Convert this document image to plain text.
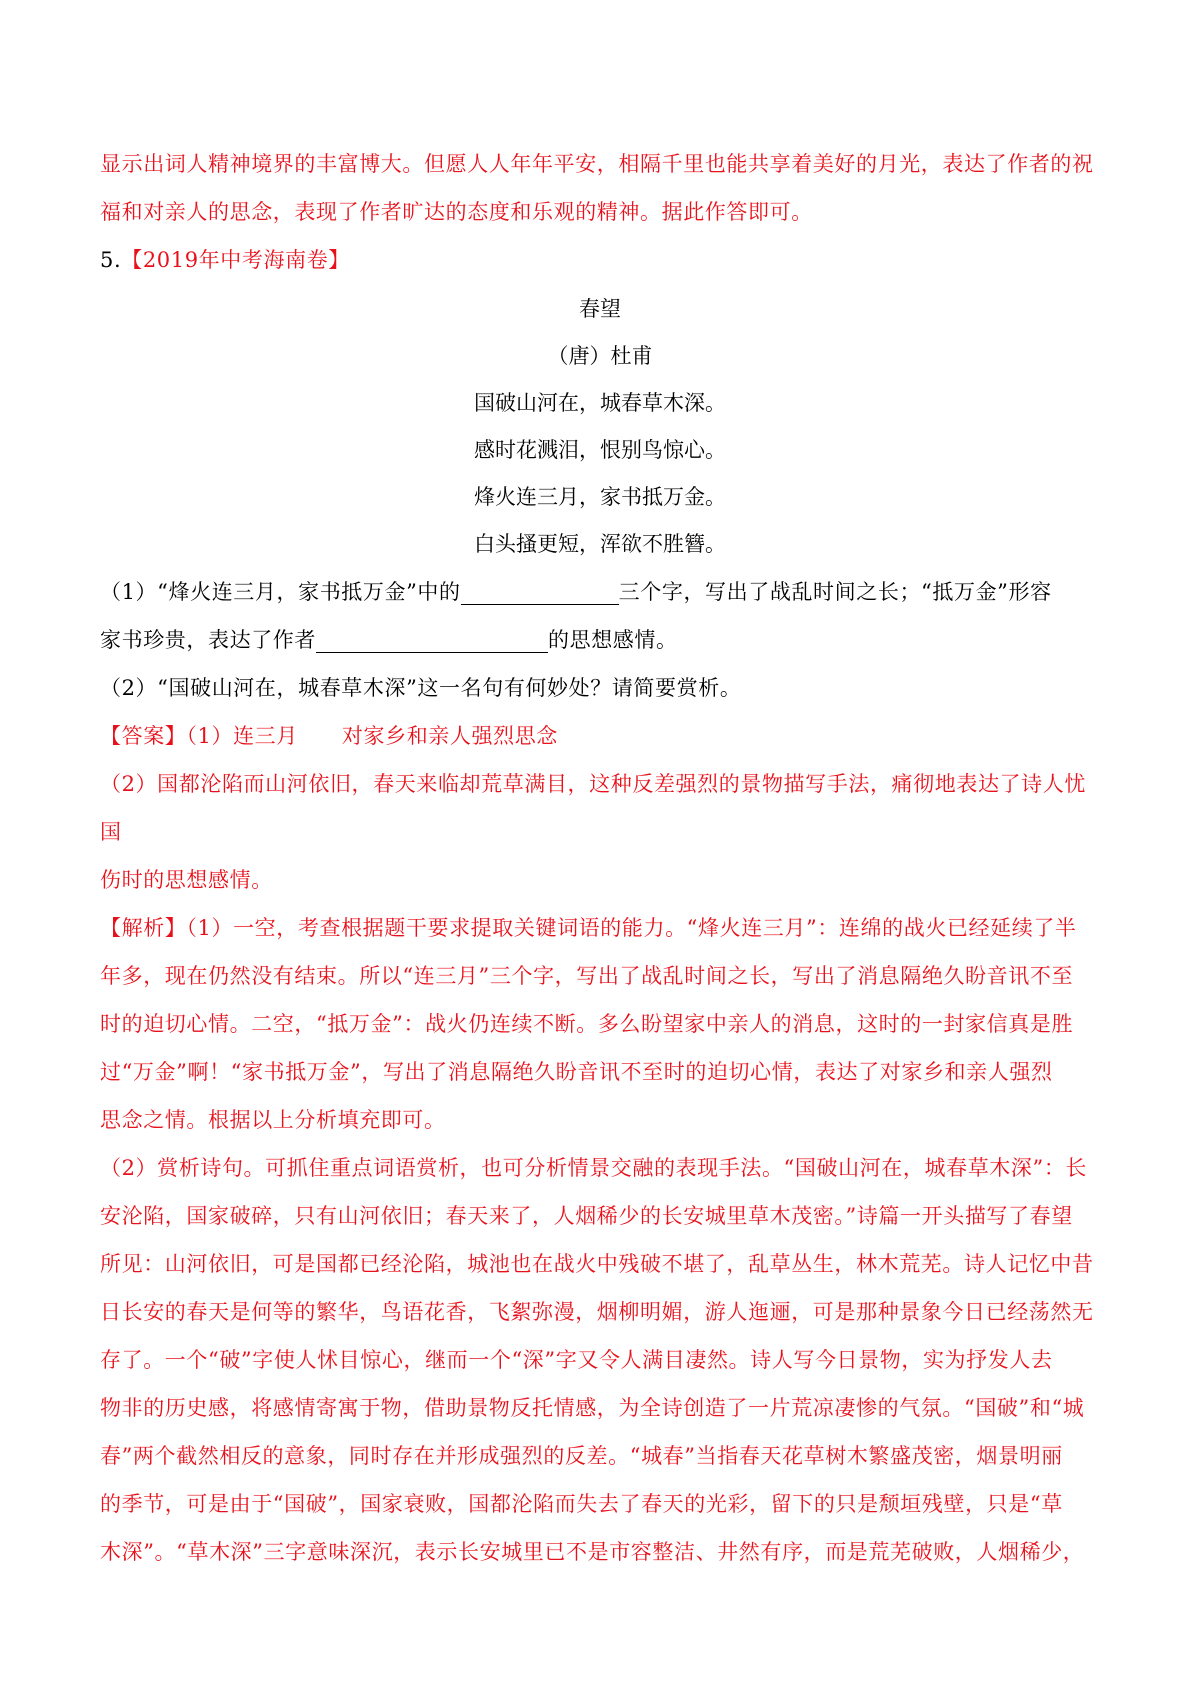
显示出词人精神境界的丰富博大。但愿人人年年平安，相隔千里也能共享着美好的月光，表达了作者的祝

福和对亲人的思念，表现了作者旷达的态度和乐观的精神。据此作答即可。

5.【2019年中考海南卷】

春望
（唐）杜甫
国破山河在，城春草木深。
感时花溅泪，恨别鸟惊心。
烽火连三月，家书抵万金。
白头搔更短，浑欲不胜簪。

（1）“烽火连三月，家书抵万金”中的	三个字，写出了战乱时间之长；“抵万金”形容

家书珍贵，表达了作者	的思想感情。

（2）“国破山河在，城春草木深”这一名句有何妙处？请简要赏析。

【答案】（1）连三月 对家乡和亲人强烈思念

（2）国都沦陷而山河依旧，春天来临却荒草满目，这种反差强烈的景物描写手法，痛彻地表达了诗人忧国

伤时的思想感情。

【解析】（1）一空，考查根据题干要求提取关键词语的能力。“烽火连三月”：连绵的战火已经延续了半

年多，现在仍然没有结束。所以“连三月”三个字，写出了战乱时间之长，写出了消息隔绝久盼音讯不至

时的迫切心情。二空，“抵万金”：战火仍连续不断。多么盼望家中亲人的消息，这时的一封家信真是胜

过“万金”啊！“家书抵万金”，写出了消息隔绝久盼音讯不至时的迫切心情，表达了对家乡和亲人强烈

思念之情。根据以上分析填充即可。

（2）赏析诗句。可抓住重点词语赏析，也可分析情景交融的表现手法。“国破山河在，城春草木深”：长

安沦陷，国家破碎，只有山河依旧；春天来了，人烟稀少的长安城里草木茂密。”诗篇一开头描写了春望

所见：山河依旧，可是国都已经沦陷，城池也在战火中残破不堪了，乱草丛生，林木荒芜。诗人记忆中昔

日长安的春天是何等的繁华，鸟语花香，飞絮弥漫，烟柳明媚，游人迤逦，可是那种景象今日已经荡然无

存了。一个“破”字使人怵目惊心，继而一个“深”字又令人满目凄然。诗人写今日景物，实为抒发人去

物非的历史感，将感情寄寓于物，借助景物反托情感，为全诗创造了一片荒凉凄惨的气氛。“国破”和“城

春”两个截然相反的意象，同时存在并形成强烈的反差。“城春”当指春天花草树木繁盛茂密，烟景明丽

的季节，可是由于“国破”，国家衰败，国都沦陷而失去了春天的光彩，留下的只是颓垣残壁，只是“草

木深”。“草木深”三字意味深沉，表示长安城里已不是市容整洁、井然有序，而是荒芜破败，人烟稀少，
